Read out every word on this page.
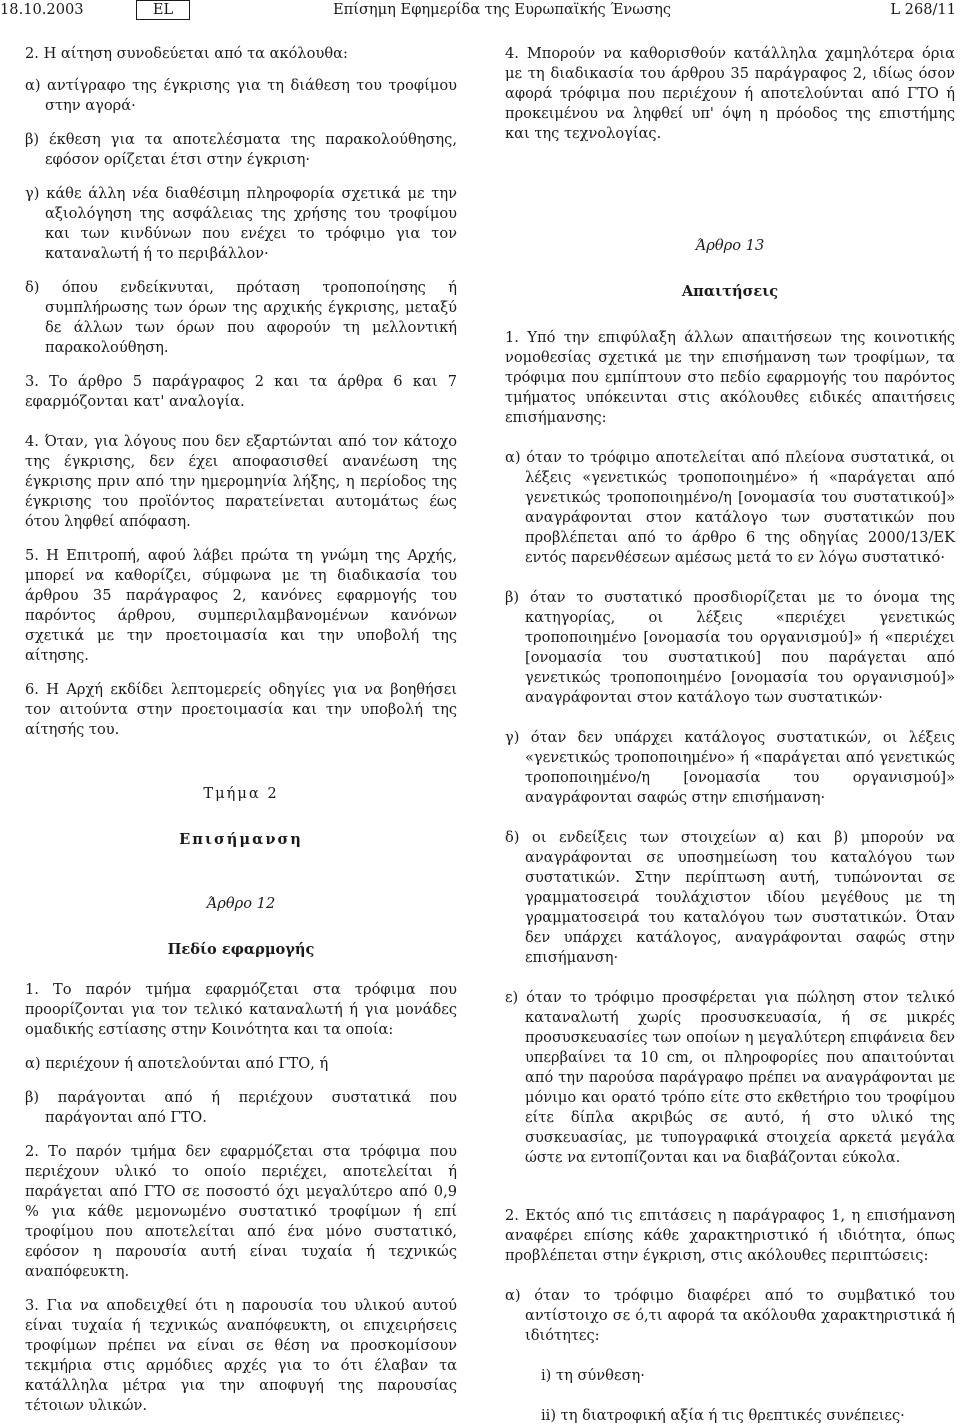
18.10.2003	EL	Επίσημη Εφημερίδα της Ευρωπαϊκής Ένωσης	L 268/11

2. Η αίτηση συνοδεύεται από τα ακόλουθα:

α) αντίγραφο της έγκρισης για τη διάθεση του τροφίμου στην αγορά·

β) έκθεση για τα αποτελέσματα της παρακολούθησης, εφόσον ορίζεται έτσι στην έγκριση·

γ) κάθε άλλη νέα διαθέσιμη πληροφορία σχετικά με την αξιολόγηση της ασφάλειας της χρήσης του τροφίμου και των κινδύνων που ενέχει το τρόφιμο για τον καταναλωτή ή το περιβάλλον·

δ) όπου ενδείκνυται, πρόταση τροποποίησης ή συμπλήρωσης των όρων της αρχικής έγκρισης, μεταξύ δε άλλων των όρων που αφορούν τη μελλοντική παρακολούθηση.

3. Το άρθρο 5 παράγραφος 2 και τα άρθρα 6 και 7 εφαρμόζονται κατ' αναλογία.

4. Όταν, για λόγους που δεν εξαρτώνται από τον κάτοχο της έγκρισης, δεν έχει αποφασισθεί ανανέωση της έγκρισης πριν από την ημερομηνία λήξης, η περίοδος της έγκρισης του προϊόντος παρατείνεται αυτομάτως έως ότου ληφθεί απόφαση.

5. Η Επιτροπή, αφού λάβει πρώτα τη γνώμη της Αρχής, μπορεί να καθορίζει, σύμφωνα με τη διαδικασία του άρθρου 35 παράγραφος 2, κανόνες εφαρμογής του παρόντος άρθρου, συμπεριλαμβανομένων κανόνων σχετικά με την προετοιμασία και την υποβολή της αίτησης.

6. Η Αρχή εκδίδει λεπτομερείς οδηγίες για να βοηθήσει τον αιτούντα στην προετοιμασία και την υποβολή της αίτησής του.

Τμήμα 2

Επισήμανση

Άρθρο 12

Πεδίο εφαρμογής

1. Το παρόν τμήμα εφαρμόζεται στα τρόφιμα που προορίζονται για τον τελικό καταναλωτή ή για μονάδες ομαδικής εστίασης στην Κοινότητα και τα οποία:

α) περιέχουν ή αποτελούνται από ΓΤΟ, ή

β) παράγονται από ή περιέχουν συστατικά που παράγονται από ΓΤΟ.

2. Το παρόν τμήμα δεν εφαρμόζεται στα τρόφιμα που περιέχουν υλικό το οποίο περιέχει, αποτελείται ή παράγεται από ΓΤΟ σε ποσοστό όχι μεγαλύτερο από 0,9 % για κάθε μεμονωμένο συστατικό τροφίμων ή επί τροφίμου που αποτελείται από ένα μόνο συστατικό, εφόσον η παρουσία αυτή είναι τυχαία ή τεχνικώς αναπόφευκτη.

3. Για να αποδειχθεί ότι η παρουσία του υλικού αυτού είναι τυχαία ή τεχνικώς αναπόφευκτη, οι επιχειρήσεις τροφίμων πρέπει να είναι σε θέση να προσκομίσουν τεκμήρια στις αρμόδιες αρχές για το ότι έλαβαν τα κατάλληλα μέτρα για την αποφυγή της παρουσίας τέτοιων υλικών.

4. Μπορούν να καθορισθούν κατάλληλα χαμηλότερα όρια με τη διαδικασία του άρθρου 35 παράγραφος 2, ιδίως όσον αφορά τρόφιμα που περιέχουν ή αποτελούνται από ΓΤΟ ή προκειμένου να ληφθεί υπ' όψη η πρόοδος της επιστήμης και της τεχνολογίας.

Άρθρο 13

Απαιτήσεις

1. Υπό την επιφύλαξη άλλων απαιτήσεων της κοινοτικής νομοθεσίας σχετικά με την επισήμανση των τροφίμων, τα τρόφιμα που εμπίπτουν στο πεδίο εφαρμογής του παρόντος τμήματος υπόκεινται στις ακόλουθες ειδικές απαιτήσεις επισήμανσης:

α) όταν το τρόφιμο αποτελείται από πλείονα συστατικά, οι λέξεις «γενετικώς τροποποιημένο» ή «παράγεται από γενετικώς τροποποιημένο/η [ονομασία του συστατικού]» αναγράφονται στον κατάλογο των συστατικών που προβλέπεται από το άρθρο 6 της οδηγίας 2000/13/ΕΚ εντός παρενθέσεων αμέσως μετά το εν λόγω συστατικό·

β) όταν το συστατικό προσδιορίζεται με το όνομα της κατηγορίας, οι λέξεις «περιέχει γενετικώς τροποποιημένο [ονομασία του οργανισμού]» ή «περιέχει [ονομασία του συστατικού] που παράγεται από γενετικώς τροποποιημένο [ονομασία του οργανισμού]» αναγράφονται στον κατάλογο των συστατικών·

γ) όταν δεν υπάρχει κατάλογος συστατικών, οι λέξεις «γενετικώς τροποποιημένο» ή «παράγεται από γενετικώς τροποποιημένο/η [ονομασία του οργανισμού]» αναγράφονται σαφώς στην επισήμανση·

δ) οι ενδείξεις των στοιχείων α) και β) μπορούν να αναγράφονται σε υποσημείωση του καταλόγου των συστατικών. Στην περίπτωση αυτή, τυπώνονται σε γραμματοσειρά τουλάχιστον ιδίου μεγέθους με τη γραμματοσειρά του καταλόγου των συστατικών. Όταν δεν υπάρχει κατάλογος, αναγράφονται σαφώς στην επισήμανση·

ε) όταν το τρόφιμο προσφέρεται για πώληση στον τελικό καταναλωτή χωρίς προσυσκευασία, ή σε μικρές προσυσκευασίες των οποίων η μεγαλύτερη επιφάνεια δεν υπερβαίνει τα 10 cm, οι πληροφορίες που απαιτούνται από την παρούσα παράγραφο πρέπει να αναγράφονται με μόνιμο και ορατό τρόπο είτε στο εκθετήριο του τροφίμου είτε δίπλα ακριβώς σε αυτό, ή στο υλικό της συσκευασίας, με τυπογραφικά στοιχεία αρκετά μεγάλα ώστε να εντοπίζονται και να διαβάζονται εύκολα.

2. Εκτός από τις επιτάσεις η παράγραφος 1, η επισήμανση αναφέρει επίσης κάθε χαρακτηριστικό ή ιδιότητα, όπως προβλέπεται στην έγκριση, στις ακόλουθες περιπτώσεις:

α) όταν το τρόφιμο διαφέρει από το συμβατικό του αντίστοιχο σε ό,τι αφορά τα ακόλουθα χαρακτηριστικά ή ιδιότητες:

i) τη σύνθεση·

ii) τη διατροφική αξία ή τις θρεπτικές συνέπειες·
